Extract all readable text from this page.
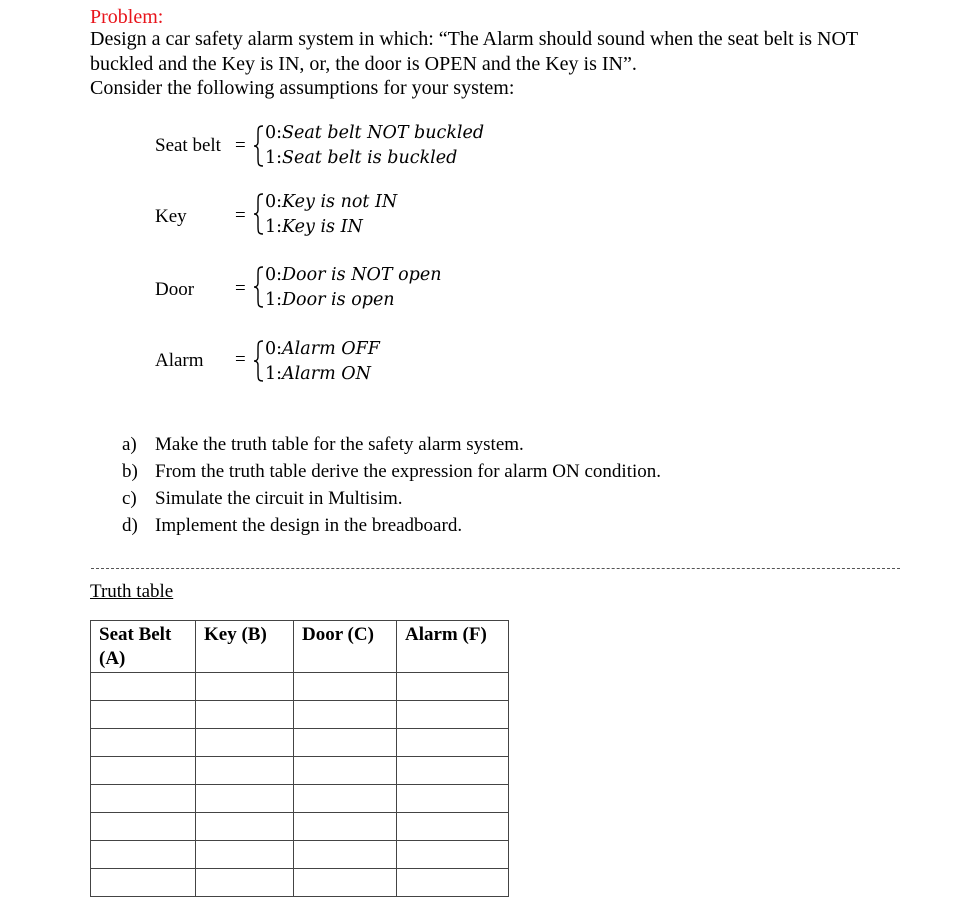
Problem:
Design a car safety alarm system in which: “The Alarm should sound when the seat belt is NOT
buckled and the Key is IN, or, the door is OPEN and the Key is IN”.
Consider the following assumptions for your system:
Seat belt =
0:Seat belt NOT buckled
1:Seat belt is buckled
Key	=
0:Key is not IN
1:Key is IN
Door =
0:Door is NOT open
1:Door is open
Alarm = 0:Alarm OFF
1:Alarm ON
a) Make the truth table for the safety alarm system.
b) From the truth table derive the expression for alarm ON condition.
c) Simulate the circuit in Multisim.
d) Implement the design in the breadboard.
Truth table
Seat Belt
(A)	Key (B)	Door (C)	Alarm (F)
